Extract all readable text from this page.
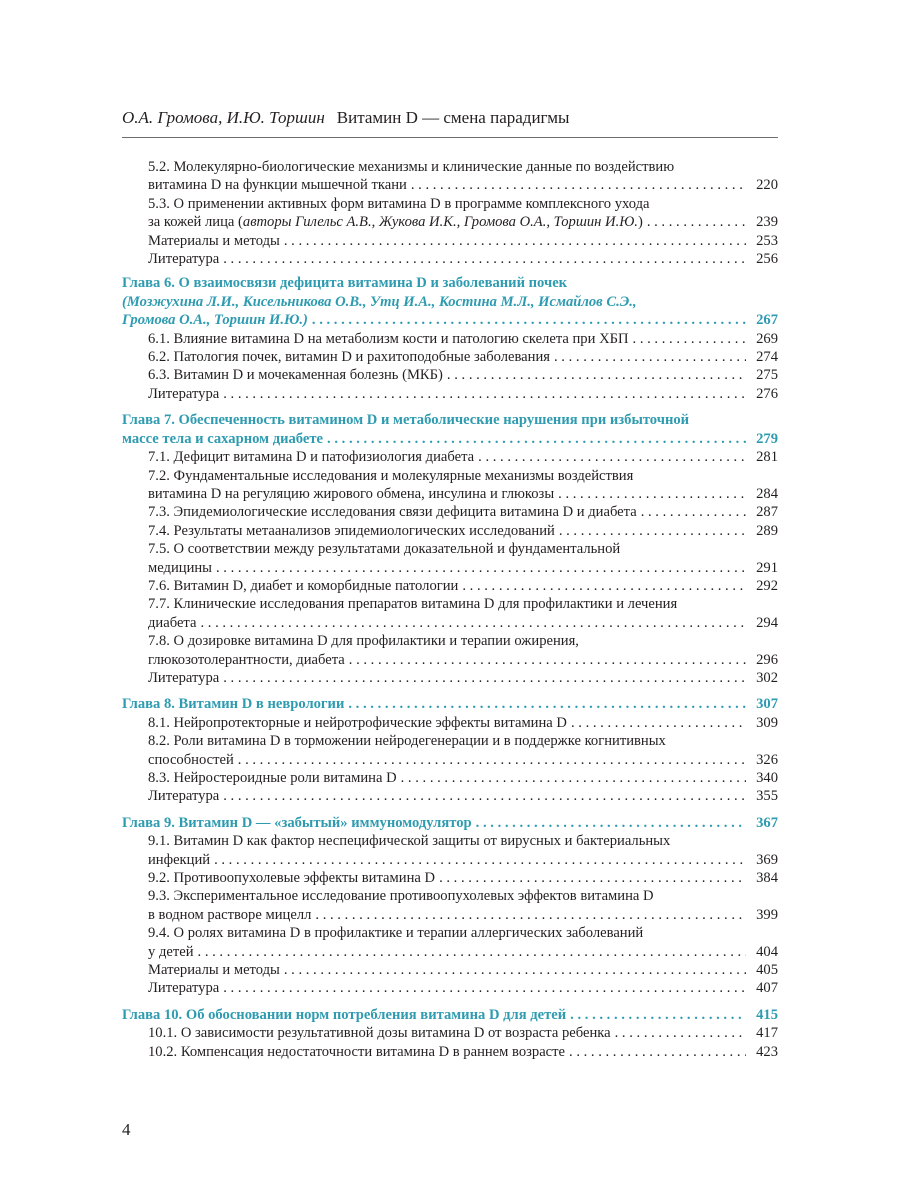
О.А. Громова, И.Ю. Торшин Витамин D — смена парадигмы
5.2. Молекулярно-биологические механизмы и клинические данные по воздействию
витамина D на функции мышечной ткани . . .	220
5.3. О применении активных форм витамина D в программе комплексного ухода
за кожей лица (авторы Гилельс А.В., Жукова И.К., Громова О.А., Торшин И.Ю.) . . .	239
Материалы и методы . . .	253
Литература . . .	256
Глава 6. О взаимосвязи дефицита витамина D и заболеваний почек
(Мозжухина Л.И., Кисельникова О.В., Утц И.А., Костина М.Л., Исмайлов С.Э.,
Громова О.А., Торшин И.Ю.) . . .	267
6.1. Влияние витамина D на метаболизм кости и патологию скелета при ХБП . . .	269
6.2. Патология почек, витамин D и рахитоподобные заболевания . . .	274
6.3. Витамин D и мочекаменная болезнь (МКБ) . . .	275
Литература . . .	276
Глава 7. Обеспеченность витамином D и метаболические нарушения при избыточной
массе тела и сахарном диабете . . .	279
7.1. Дефицит витамина D и патофизиология диабета . . .	281
7.2. Фундаментальные исследования и молекулярные механизмы воздействия
витамина D на регуляцию жирового обмена, инсулина и глюкозы . . .	284
7.3. Эпидемиологические исследования связи дефицита витамина D и диабета . . .	287
7.4. Результаты метаанализов эпидемиологических исследований . . .	289
7.5. О соответствии между результатами доказательной и фундаментальной
медицины . . .	291
7.6. Витамин D, диабет и коморбидные патологии . . .	292
7.7. Клинические исследования препаратов витамина D для профилактики и лечения
диабета . . .	294
7.8. О дозировке витамина D для профилактики и терапии ожирения,
глюкозотолерантности, диабета . . .	296
Литература . . .	302
Глава 8. Витамин D в неврологии . . .	307
8.1. Нейропротекторные и нейротрофические эффекты витамина D . . .	309
8.2. Роли витамина D в торможении нейродегенерации и в поддержке когнитивных
способностей . . .	326
8.3. Нейростероидные роли витамина D . . .	340
Литература . . .	355
Глава 9. Витамин D — «забытый» иммуномодулятор . . .	367
9.1. Витамин D как фактор неспецифической защиты от вирусных и бактериальных
инфекций . . .	369
9.2. Противоопухолевые эффекты витамина D . . .	384
9.3. Экспериментальное исследование противоопухолевых эффектов витамина D
в водном растворе мицелл . . .	399
9.4. О ролях витамина D в профилактике и терапии аллергических заболеваний
у детей . . .	404
Материалы и методы . . .	405
Литература . . .	407
Глава 10. Об обосновании норм потребления витамина D для детей . . .	415
10.1. О зависимости результативной дозы витамина D от возраста ребенка . . .	417
10.2. Компенсация недостаточности витамина D в раннем возрасте . . .	423
4
